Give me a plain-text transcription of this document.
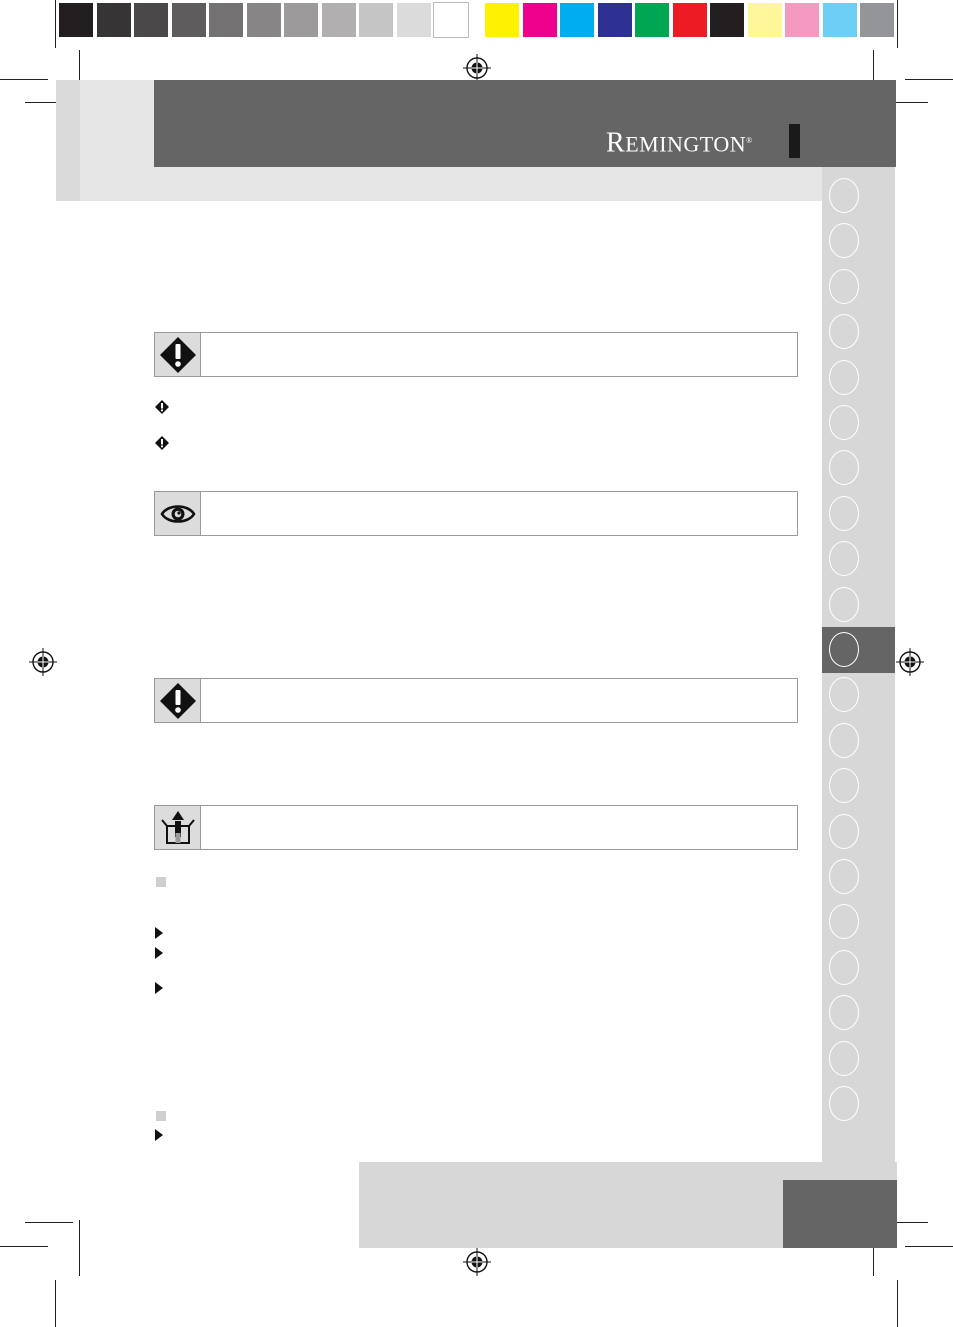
REMINGTON®
